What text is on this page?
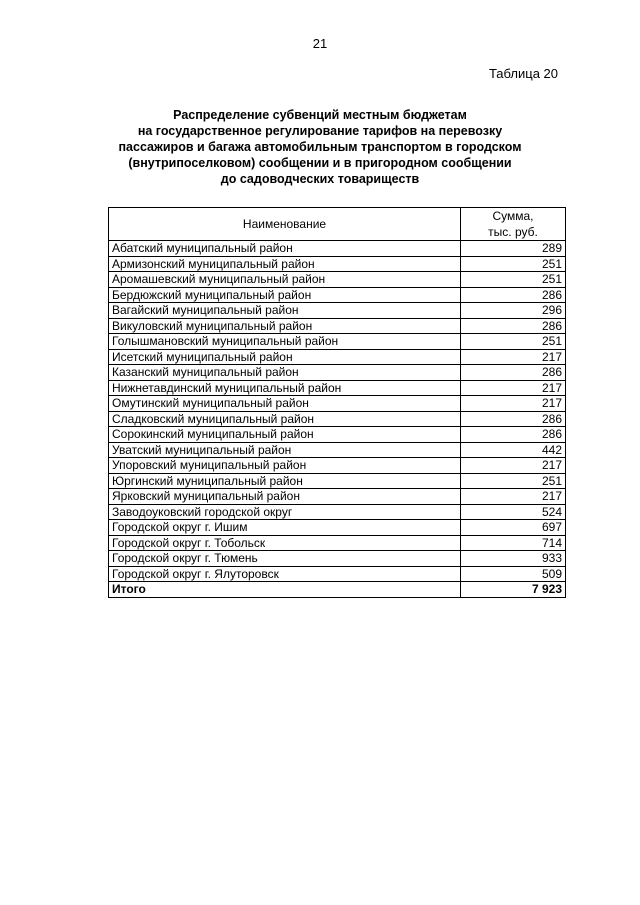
21
Таблица 20
Распределение субвенций местным бюджетам
на государственное регулирование тарифов на перевозку
пассажиров и багажа автомобильным транспортом в городском
(внутрипоселковом) сообщении и в пригородном сообщении
до садоводческих товариществ
Наименование	Сумма,
тыс. руб.

Абатский муниципальный район	289
Армизонский муниципальный район	251
Аромашевский муниципальный район	251
Бердюжский муниципальный район	286
Вагайский муниципальный район	296
Викуловский муниципальный район	286
Голышмановский муниципальный район	251
Исетский муниципальный район	217
Казанский муниципальный район	286
Нижнетавдинский муниципальный район	217
Омутинский муниципальный район	217
Сладковский муниципальный район	286
Сорокинский муниципальный район	286
Уватский муниципальный район	442
Упоровский муниципальный район	217
Юргинский муниципальный район	251
Ярковский муниципальный район	217
Заводоуковский городской округ	524
Городской округ г. Ишим	697
Городской округ г. Тобольск	714
Городской округ г. Тюмень	933
Городской округ г. Ялуторовск	509
Итого	7 923
